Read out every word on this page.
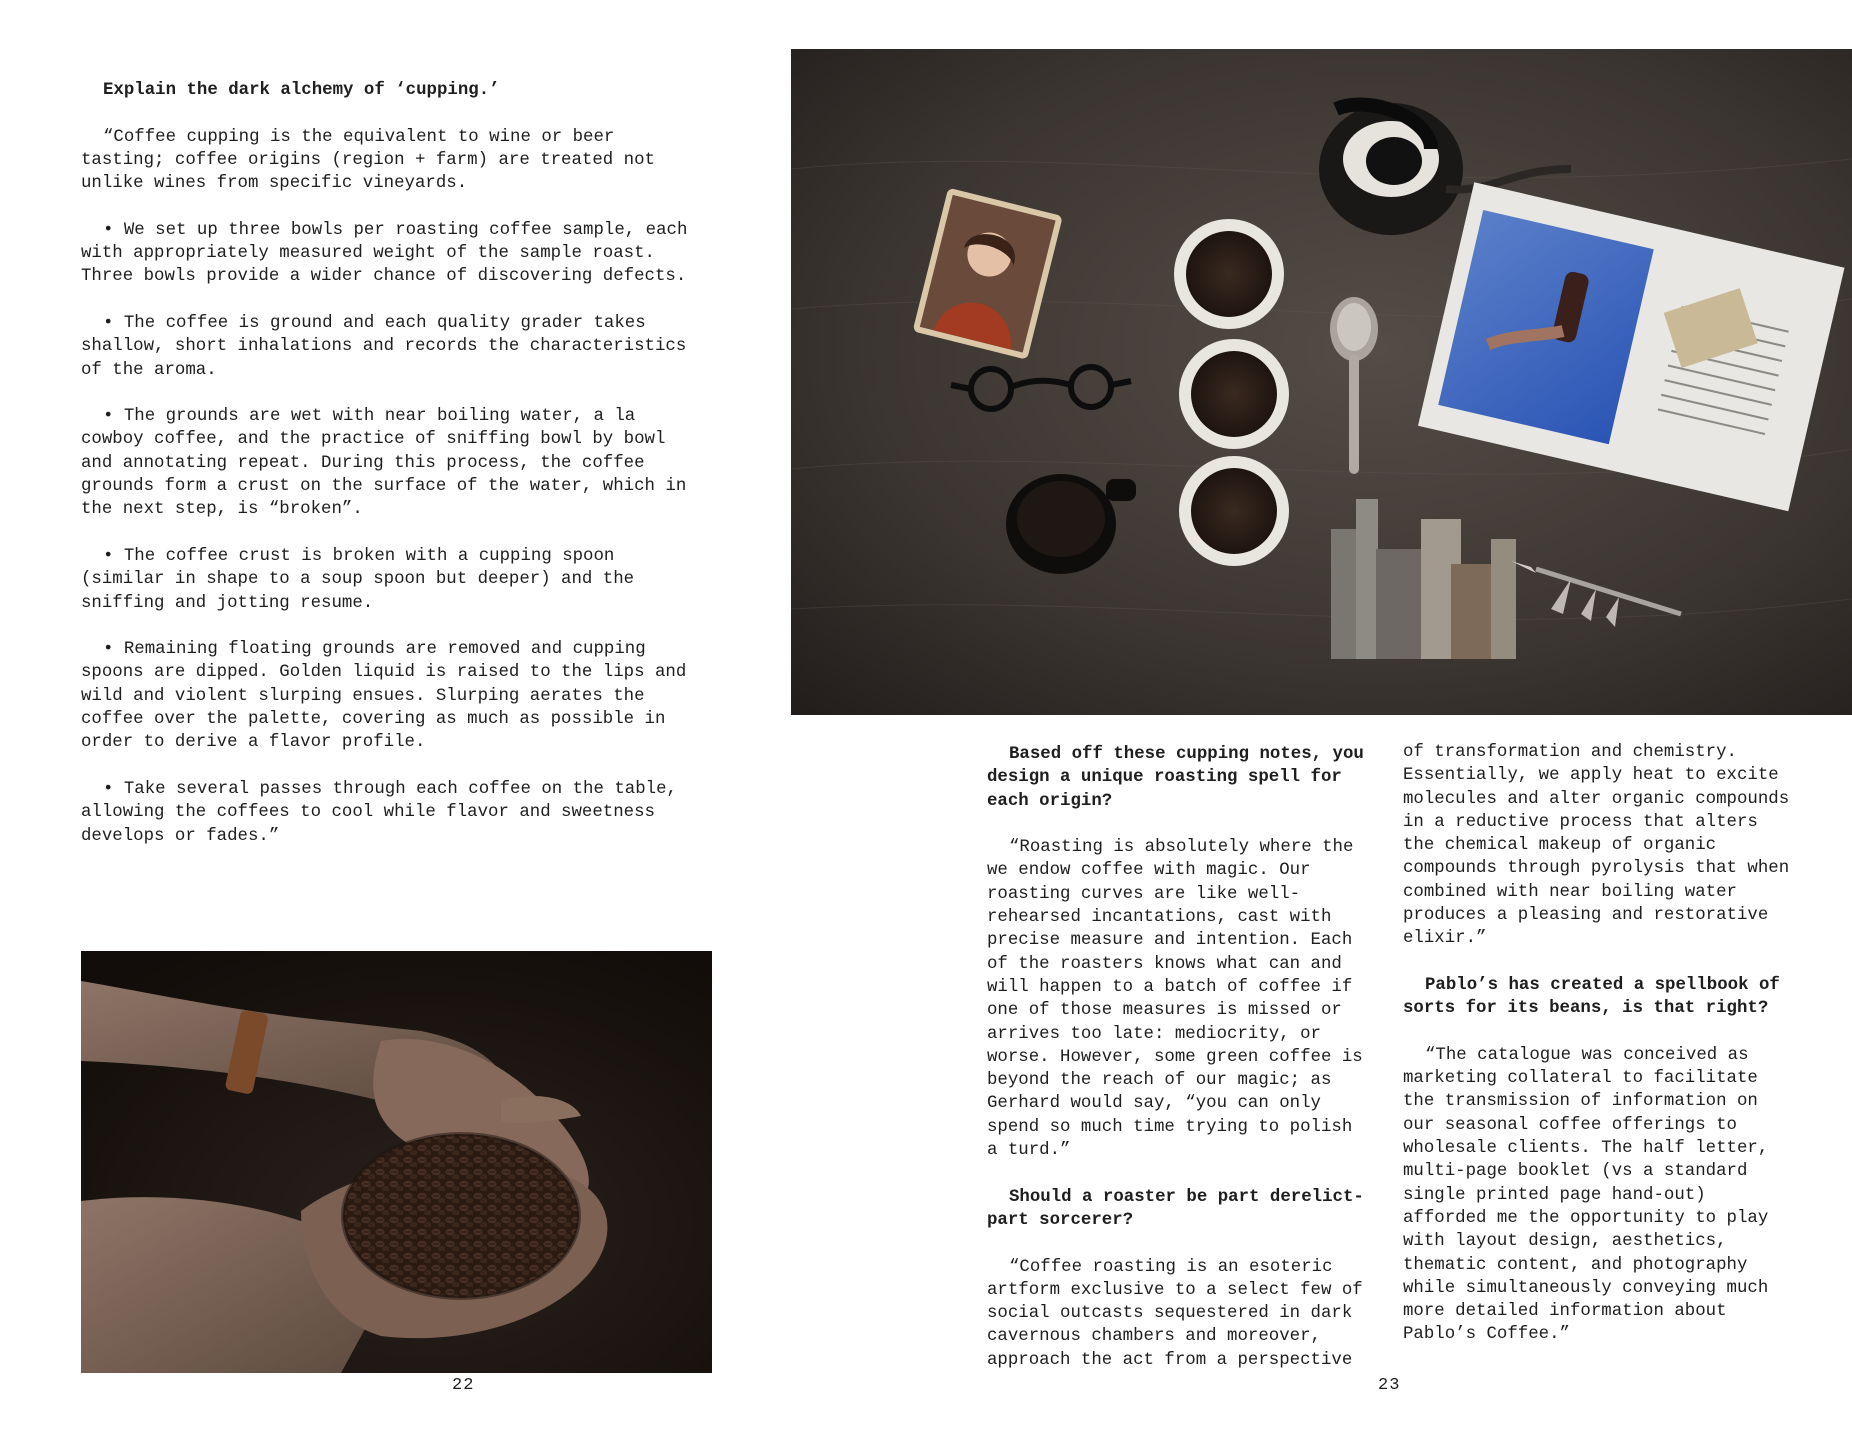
Explain the dark alchemy of ‘cupping.’

“Coffee cupping is the equivalent to wine or beer tasting; coffee origins (region + farm) are treated not unlike wines from specific vineyards.

• We set up three bowls per roasting coffee sample, each with appropriately measured weight of the sample roast. Three bowls provide a wider chance of discovering defects.

• The coffee is ground and each quality grader takes shallow, short inhalations and records the characteristics of the aroma.

• The grounds are wet with near boiling water, a la cowboy coffee, and the practice of sniffing bowl by bowl and annotating repeat. During this process, the coffee grounds form a crust on the surface of the water, which in the next step, is “broken”.

• The coffee crust is broken with a cupping spoon (similar in shape to a soup spoon but deeper) and the sniffing and jotting resume.

• Remaining floating grounds are removed and cupping spoons are dipped. Golden liquid is raised to the lips and wild and violent slurping ensues. Slurping aerates the coffee over the palette, covering as much as possible in order to derive a flavor profile.

• Take several passes through each coffee on the table, allowing the coffees to cool while flavor and sweetness develops or fades.”

Based off these cupping notes, you design a unique roasting spell for each origin?

“Roasting is absolutely where the we endow coffee with magic. Our roasting curves are like well-rehearsed incantations, cast with precise measure and intention. Each of the roasters knows what can and will happen to a batch of coffee if one of those measures is missed or arrives too late: mediocrity, or worse. However, some green coffee is beyond the reach of our magic; as Gerhard would say, “you can only spend so much time trying to polish a turd.”

Should a roaster be part derelict-part sorcerer?

“Coffee roasting is an esoteric artform exclusive to a select few of social outcasts sequestered in dark cavernous chambers and moreover, approach the act from a perspective

of transformation and chemistry. Essentially, we apply heat to excite molecules and alter organic compounds in a reductive process that alters the chemical makeup of organic compounds through pyrolysis that when combined with near boiling water produces a pleasing and restorative elixir.”

Pablo’s has created a spellbook of sorts for its beans, is that right?

“The catalogue was conceived as marketing collateral to facilitate the transmission of information on our seasonal coffee offerings to wholesale clients. The half letter, multi-page booklet (vs a standard single printed page hand-out) afforded me the opportunity to play with layout design, aesthetics, thematic content, and photography while simultaneously conveying much more detailed information about Pablo’s Coffee.”

22	23
